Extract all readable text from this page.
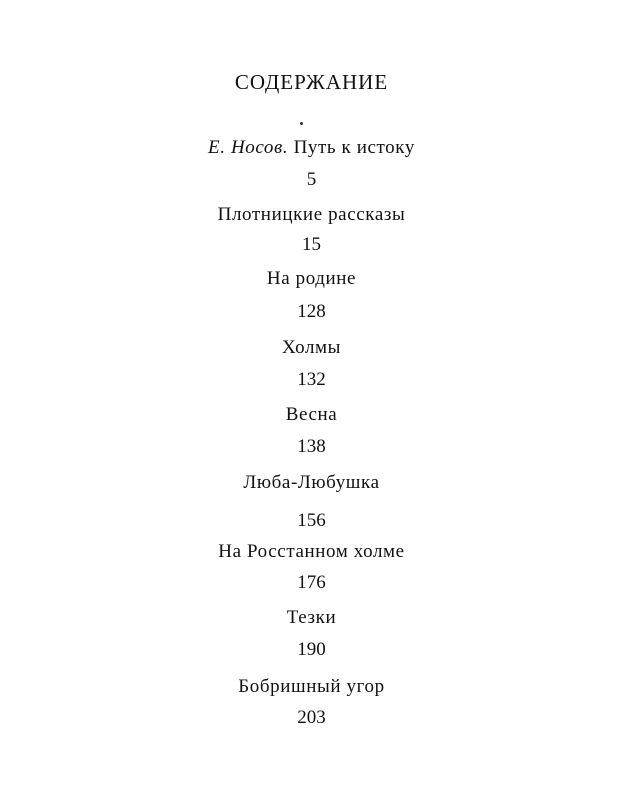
СОДЕРЖАНИЕ
Е. Носов. Путь к истоку
5
Плотницкие рассказы
15
На родине
128
Холмы
132
Весна
138
Люба-Любушка
156
На Росстанном холме
176
Тезки
190
Бобришный угор
203
